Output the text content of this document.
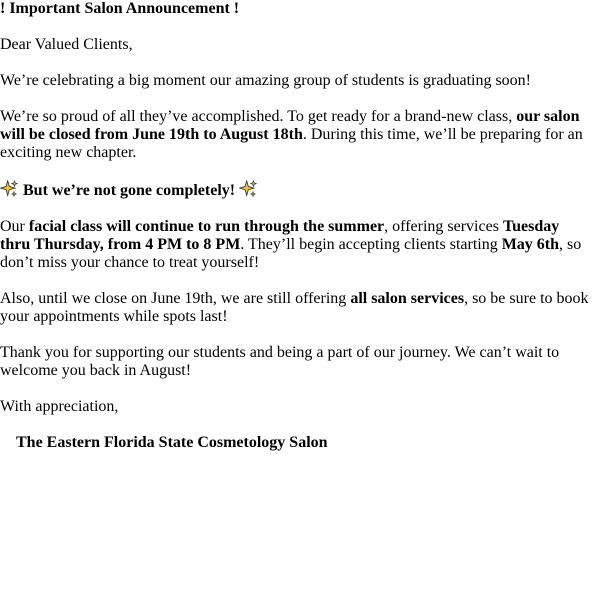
! Important Salon Announcement !

Dear Valued Clients,

We’re celebrating a big moment our amazing group of students is graduating soon!

We’re so proud of all they’ve accomplished. To get ready for a brand-new class, our salon will be closed from June 19th to August 18th. During this time, we’ll be preparing for an exciting new chapter.

But we’re not gone completely!

Our facial class will continue to run through the summer, offering services Tuesday thru Thursday, from 4 PM to 8 PM. They’ll begin accepting clients starting May 6th, so don’t miss your chance to treat yourself!

Also, until we close on June 19th, we are still offering all salon services, so be sure to book your appointments while spots last!

Thank you for supporting our students and being a part of our journey. We can’t wait to welcome you back in August!

With appreciation,

The Eastern Florida State Cosmetology Salon
